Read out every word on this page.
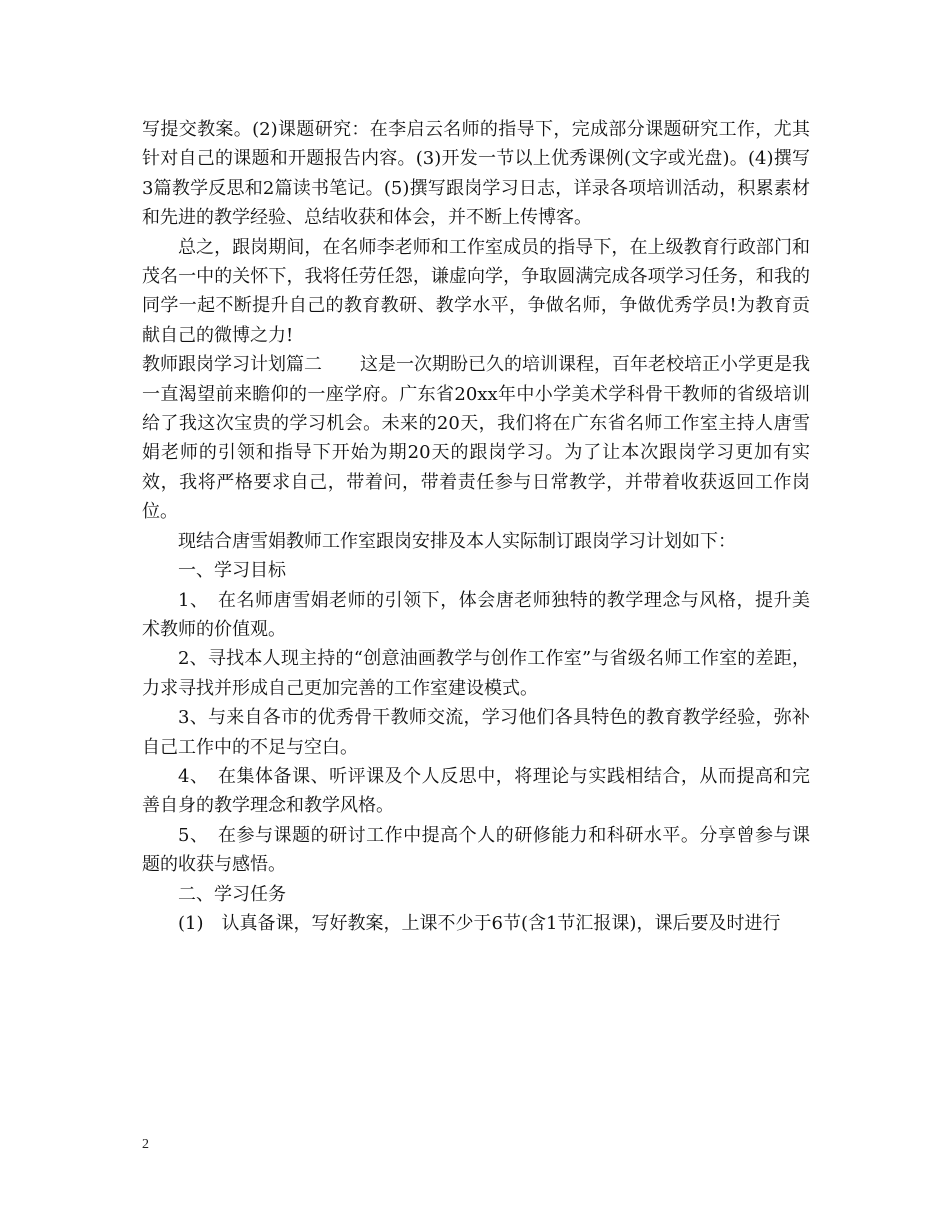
写提交教案。(2)课题研究：在李启云名师的指导下，完成部分课题研究工作，尤其针对自己的课题和开题报告内容。(3)开发一节以上优秀课例(文字或光盘)。(4)撰写3篇教学反思和2篇读书笔记。(5)撰写跟岗学习日志，详录各项培训活动，积累素材和先进的教学经验、总结收获和体会，并不断上传博客。

总之，跟岗期间，在名师李老师和工作室成员的指导下，在上级教育行政部门和茂名一中的关怀下，我将任劳任怨，谦虚向学，争取圆满完成各项学习任务，和我的同学一起不断提升自己的教育教研、教学水平，争做名师，争做优秀学员!为教育贡献自己的微博之力!

教师跟岗学习计划篇二 这是一次期盼已久的培训课程，百年老校培正小学更是我一直渴望前来瞻仰的一座学府。广东省20xx年中小学美术学科骨干教师的省级培训给了我这次宝贵的学习机会。未来的20天，我们将在广东省名师工作室主持人唐雪娟老师的引领和指导下开始为期20天的跟岗学习。为了让本次跟岗学习更加有实效，我将严格要求自己，带着问，带着责任参与日常教学，并带着收获返回工作岗位。

现结合唐雪娟教师工作室跟岗安排及本人实际制订跟岗学习计划如下：

一、学习目标

1、　在名师唐雪娟老师的引领下，体会唐老师独特的教学理念与风格，提升美术教师的价值观。

2、寻找本人现主持的“创意油画教学与创作工作室”与省级名师工作室的差距，力求寻找并形成自己更加完善的工作室建设模式。

3、与来自各市的优秀骨干教师交流，学习他们各具特色的教育教学经验，弥补自己工作中的不足与空白。

4、　在集体备课、听评课及个人反思中，将理论与实践相结合，从而提高和完善自身的教学理念和教学风格。

5、　在参与课题的研讨工作中提高个人的研修能力和科研水平。分享曾参与课题的收获与感悟。

二、学习任务

(1)　认真备课，写好教案，上课不少于6节(含1节汇报课)，课后要及时进行

2
